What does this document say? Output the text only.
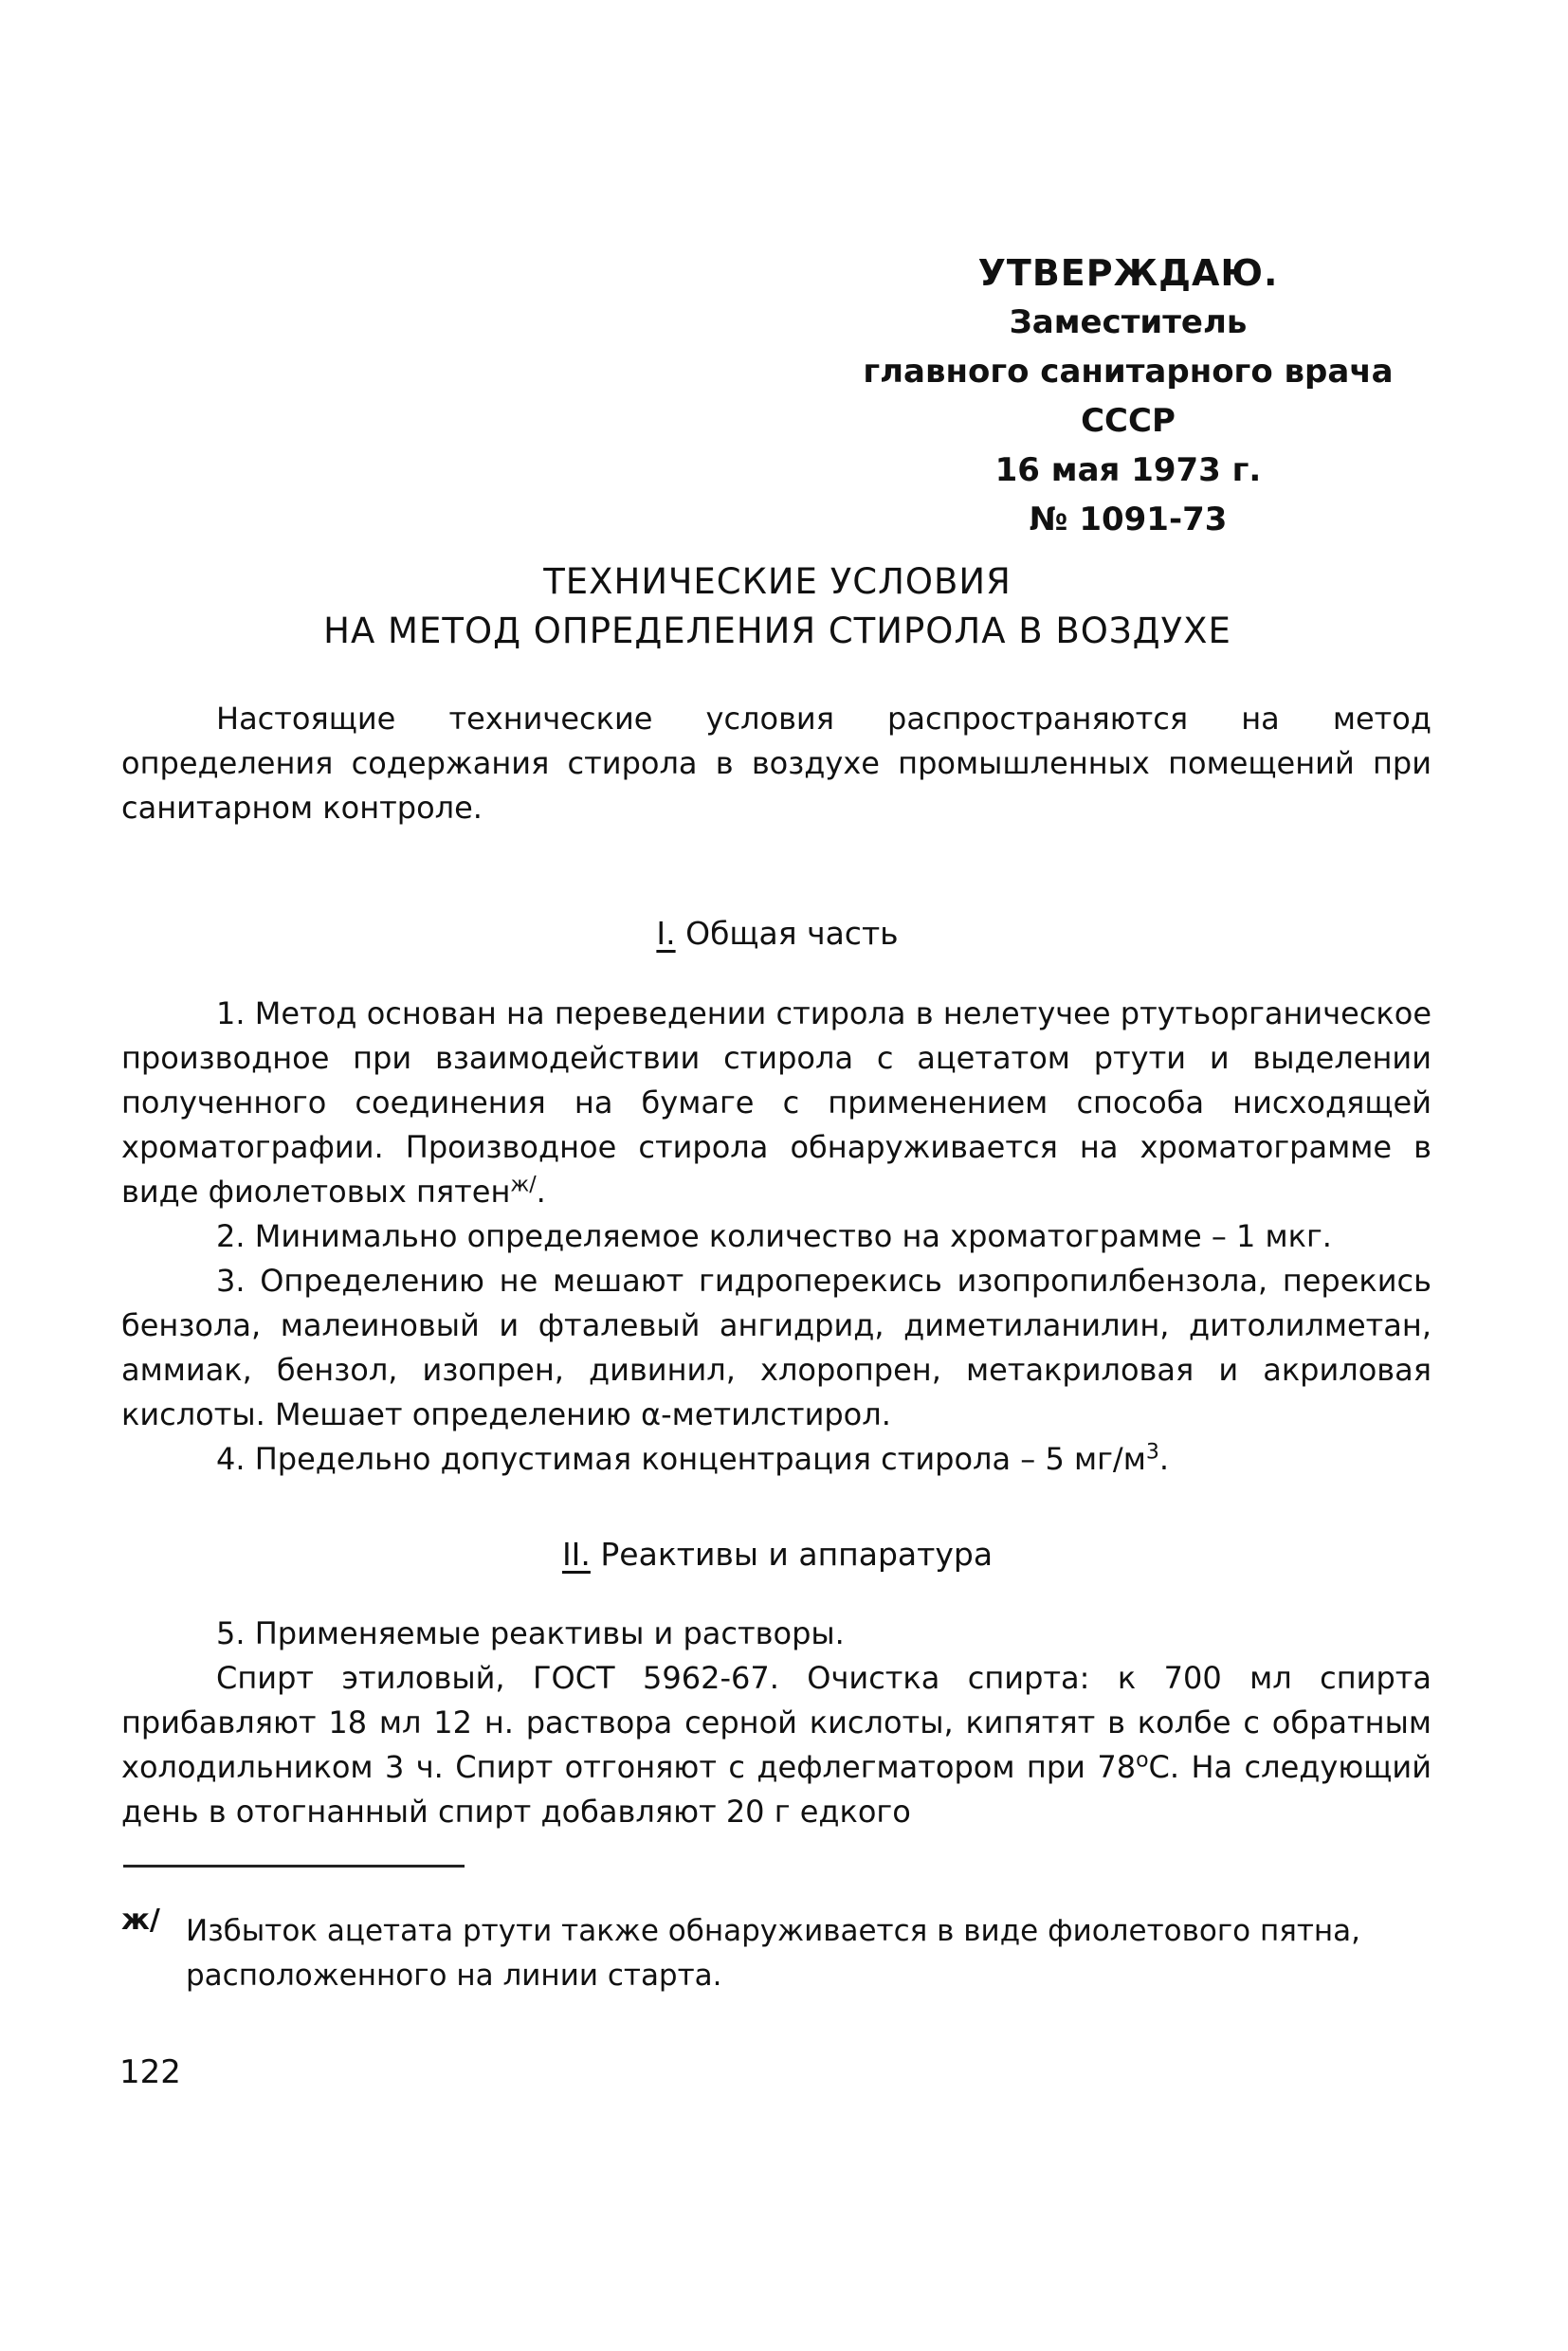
УТВЕРЖДАЮ.
Заместитель
главного санитарного врача
СССР
16 мая 1973 г.
№ 1091-73
ТЕХНИЧЕСКИЕ УСЛОВИЯ
НА МЕТОД ОПРЕДЕЛЕНИЯ СТИРОЛА В ВОЗДУХЕ

Настоящие технические условия распространяются на метод определения содержания стирола в воздухе промышленных помещений при санитарном контроле.

I. Общая часть

1. Метод основан на переведении стирола в нелетучее ртутьорганическое производное при взаимодействии стирола с ацетатом ртути и выделении полученного соединения на бумаге с применением способа нисходящей хроматографии. Производное стирола обнаруживается на хроматограмме в виде фиолетовых пятен$^{ж/}$.

2. Минимально определяемое количество на хроматограмме – 1 мкг.

3. Определению не мешают гидроперекись изопропилбензола, перекись бензола, малеиновый и фталевый ангидрид, диметиланилин, дитолилметан, аммиак, бензол, изопрен, дивинил, хлоропрен, метакриловая и акриловая кислоты. Мешает определению α-метилстирол.

4. Предельно допустимая концентрация стирола – 5 $мг/м^3$.

II. Реактивы и аппаратура

5. Применяемые реактивы и растворы.

Спирт этиловый, ГОСТ 5962-67. Очистка спирта: к 700 мл спирта прибавляют 18 мл 12 н. раствора серной кислоты, кипятят в колбе с обратным холодильником 3 ч. Спирт отгоняют с дефлегматором при $78^оС$. На следующий день в отогнанный спирт добавляют 20 г едкого

ж/ Избыток ацетата ртути также обнаруживается в виде фиолетового пятна, расположенного на линии старта.

122
